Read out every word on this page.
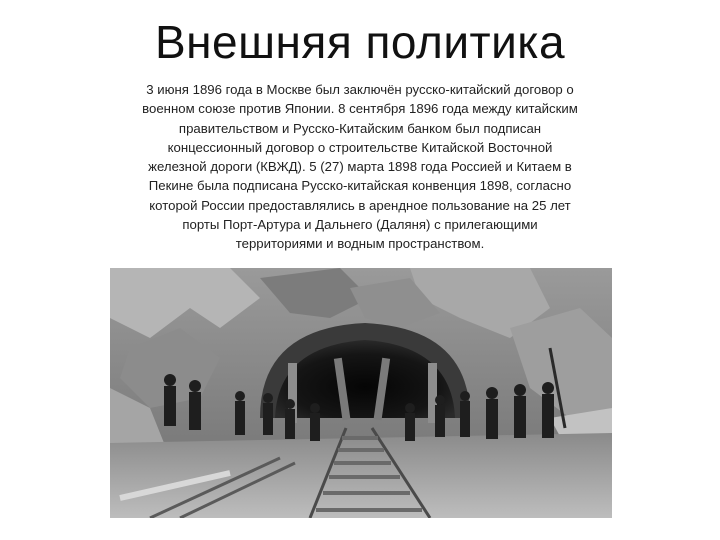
Внешняя политика
3 июня 1896 года в Москве был заключён русско-китайский договор о
военном союзе против Японии. 8 сентября 1896 года между китайским
правительством и Русско-Китайским банком был подписан
концессионный договор о строительстве Китайской Восточной
железной дороги (КВЖД). 5 (27) марта 1898 года Россией и Китаем в
Пекине была подписана Русско-китайская конвенция 1898, согласно
которой России предоставлялись в арендное пользование на 25 лет
порты Порт-Артура и Дальнего (Даляня) с прилегающими
территориями и водным пространством.
